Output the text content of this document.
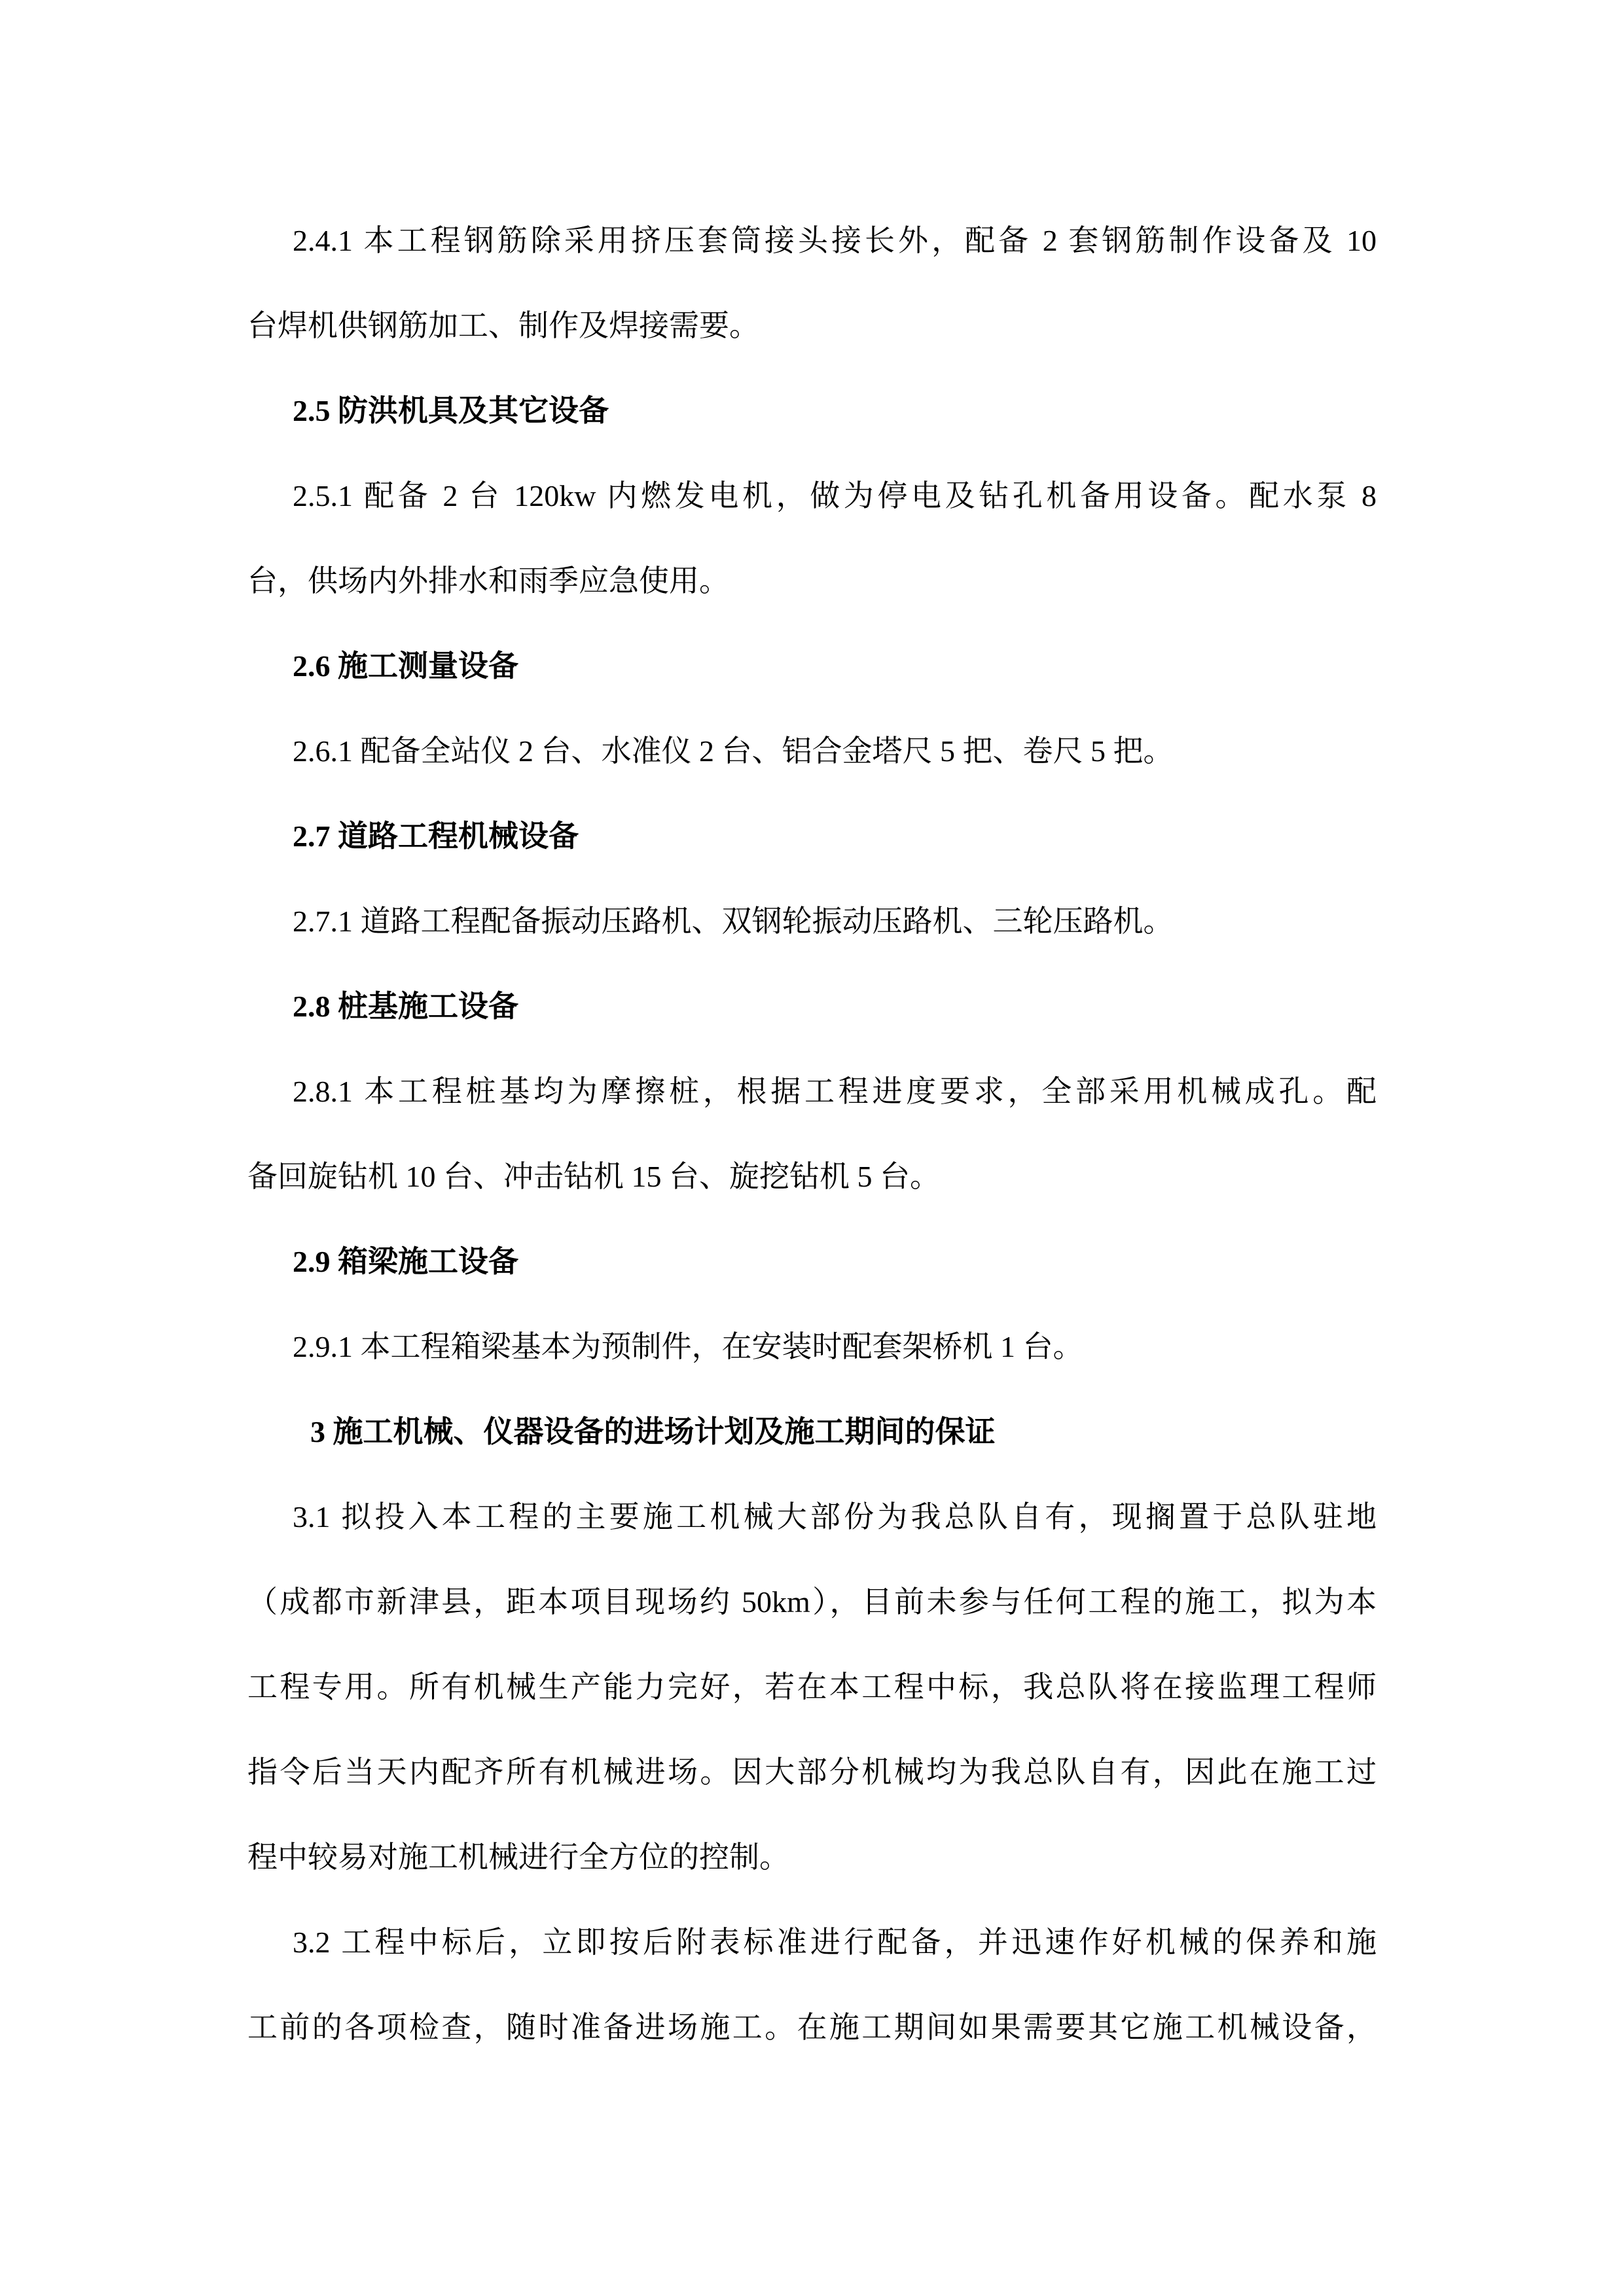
2.4.1 本工程钢筋除采用挤压套筒接头接长外，配备 2 套钢筋制作设备及 10
台焊机供钢筋加工、制作及焊接需要。
2.5 防洪机具及其它设备
2.5.1 配备 2 台 120kw 内燃发电机，做为停电及钻孔机备用设备。配水泵 8
台，供场内外排水和雨季应急使用。
2.6 施工测量设备
2.6.1 配备全站仪 2 台、水准仪 2 台、铝合金塔尺 5 把、卷尺 5 把。
2.7 道路工程机械设备
2.7.1 道路工程配备振动压路机、双钢轮振动压路机、三轮压路机。
2.8 桩基施工设备
2.8.1 本工程桩基均为摩擦桩，根据工程进度要求，全部采用机械成孔。配
备回旋钻机 10 台、冲击钻机 15 台、旋挖钻机 5 台。
2.9 箱梁施工设备
2.9.1 本工程箱梁基本为预制件，在安装时配套架桥机 1 台。
3 施工机械、仪器设备的进场计划及施工期间的保证
3.1 拟投入本工程的主要施工机械大部份为我总队自有，现搁置于总队驻地
（成都市新津县，距本项目现场约 50km），目前未参与任何工程的施工，拟为本
工程专用。所有机械生产能力完好，若在本工程中标，我总队将在接监理工程师
指令后当天内配齐所有机械进场。因大部分机械均为我总队自有，因此在施工过
程中较易对施工机械进行全方位的控制。
3.2 工程中标后，立即按后附表标准进行配备，并迅速作好机械的保养和施
工前的各项检查，随时准备进场施工。在施工期间如果需要其它施工机械设备，
